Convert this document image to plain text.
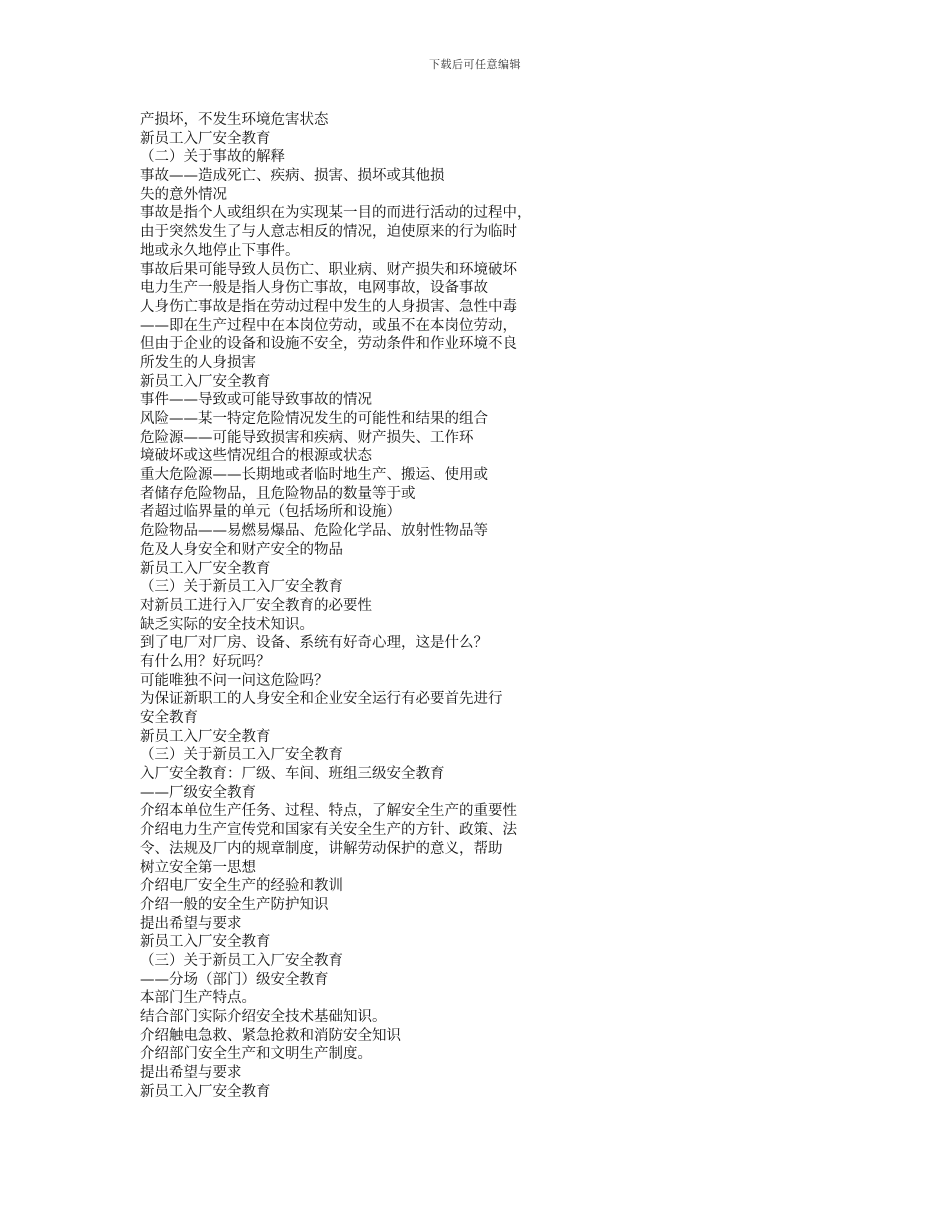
下载后可任意编辑
产损坏，不发生环境危害状态
新员工入厂安全教育
（二）关于事故的解释
事故——造成死亡、疾病、损害、损坏或其他损
失的意外情况
事故是指个人或组织在为实现某一目的而进行活动的过程中，
由于突然发生了与人意志相反的情况，迫使原来的行为临时
地或永久地停止下事件。
事故后果可能导致人员伤亡、职业病、财产损失和环境破坏
电力生产一般是指人身伤亡事故，电网事故，设备事故
人身伤亡事故是指在劳动过程中发生的人身损害、急性中毒
——即在生产过程中在本岗位劳动，或虽不在本岗位劳动，
但由于企业的设备和设施不安全，劳动条件和作业环境不良
所发生的人身损害
新员工入厂安全教育
事件——导致或可能导致事故的情况
风险——某一特定危险情况发生的可能性和结果的组合
危险源——可能导致损害和疾病、财产损失、工作环
境破坏或这些情况组合的根源或状态
重大危险源——长期地或者临时地生产、搬运、使用或
者储存危险物品，且危险物品的数量等于或
者超过临界量的单元（包括场所和设施）
危险物品——易燃易爆品、危险化学品、放射性物品等
危及人身安全和财产安全的物品
新员工入厂安全教育
（三）关于新员工入厂安全教育
对新员工进行入厂安全教育的必要性
缺乏实际的安全技术知识。
到了电厂对厂房、设备、系统有好奇心理，这是什么？
有什么用？好玩吗？
可能唯独不问一问这危险吗？
为保证新职工的人身安全和企业安全运行有必要首先进行
安全教育
新员工入厂安全教育
（三）关于新员工入厂安全教育
入厂安全教育：厂级、车间、班组三级安全教育
——厂级安全教育
介绍本单位生产任务、过程、特点，了解安全生产的重要性
介绍电力生产宣传党和国家有关安全生产的方针、政策、法
令、法规及厂内的规章制度，讲解劳动保护的意义，帮助
树立安全第一思想
介绍电厂安全生产的经验和教训
介绍一般的安全生产防护知识
提出希望与要求
新员工入厂安全教育
（三）关于新员工入厂安全教育
——分场（部门）级安全教育
本部门生产特点。
结合部门实际介绍安全技术基础知识。
介绍触电急救、紧急抢救和消防安全知识
介绍部门安全生产和文明生产制度。
提出希望与要求
新员工入厂安全教育
